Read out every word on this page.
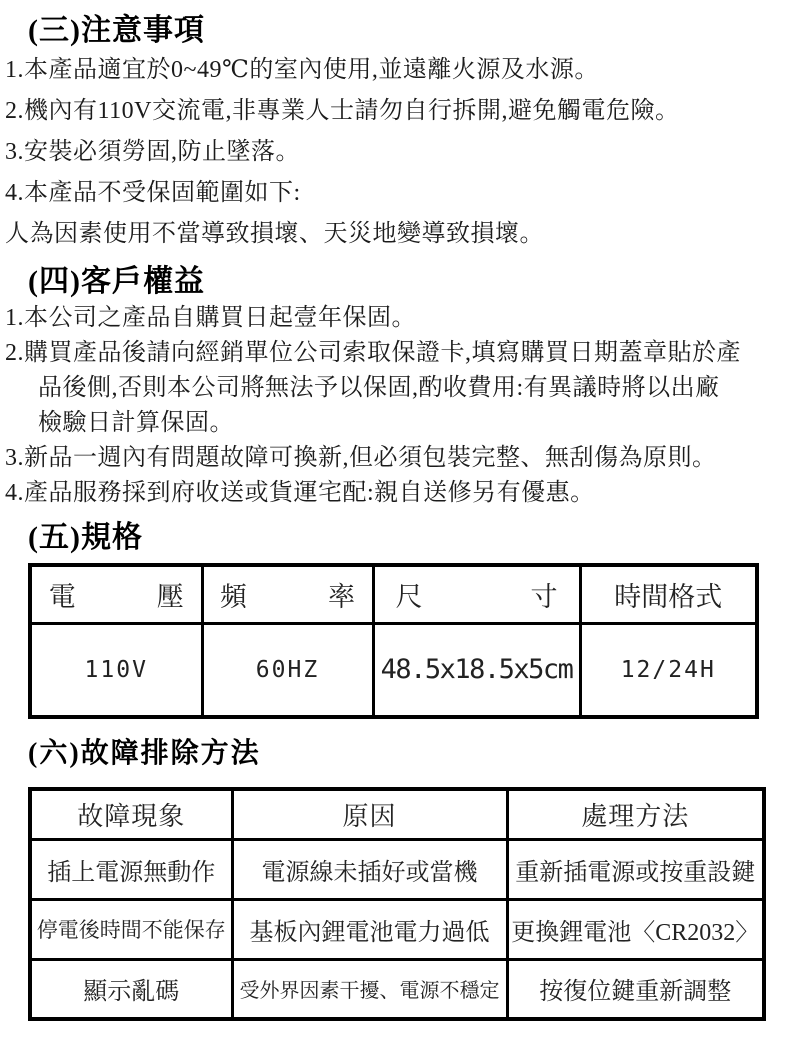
(三)注意事項

1.本產品適宜於0~49℃的室內使用,並遠離火源及水源。

2.機內有110V交流電,非專業人士請勿自行拆開,避免觸電危險。

3.安裝必須勞固,防止墜落。

4.本產品不受保固範圍如下:

人為因素使用不當導致損壞、天災地變導致損壞。

(四)客戶權益

1.本公司之產品自購買日起壹年保固。

2.購買產品後請向經銷單位公司索取保證卡,填寫購買日期蓋章貼於產

品後側,否則本公司將無法予以保固,酌收費用:有異議時將以出廠

檢驗日計算保固。

3.新品一週內有問題故障可換新,但必須包裝完整、無刮傷為原則。

4.產品服務採到府收送或貨運宅配:親自送修另有優惠。

(五)規格
電　　　壓	頻　　　率	尺　　　　寸	時間格式
110V	60HZ	48.5x18.5x5cm	12/24H
(六)故障排除方法
故障現象	原因	處理方法
插上電源無動作	電源線未插好或當機	重新插電源或按重設鍵
停電後時間不能保存	基板內鋰電池電力過低	更換鋰電池〈CR2032〉
顯示亂碼	受外界因素干擾、電源不穩定	按復位鍵重新調整
